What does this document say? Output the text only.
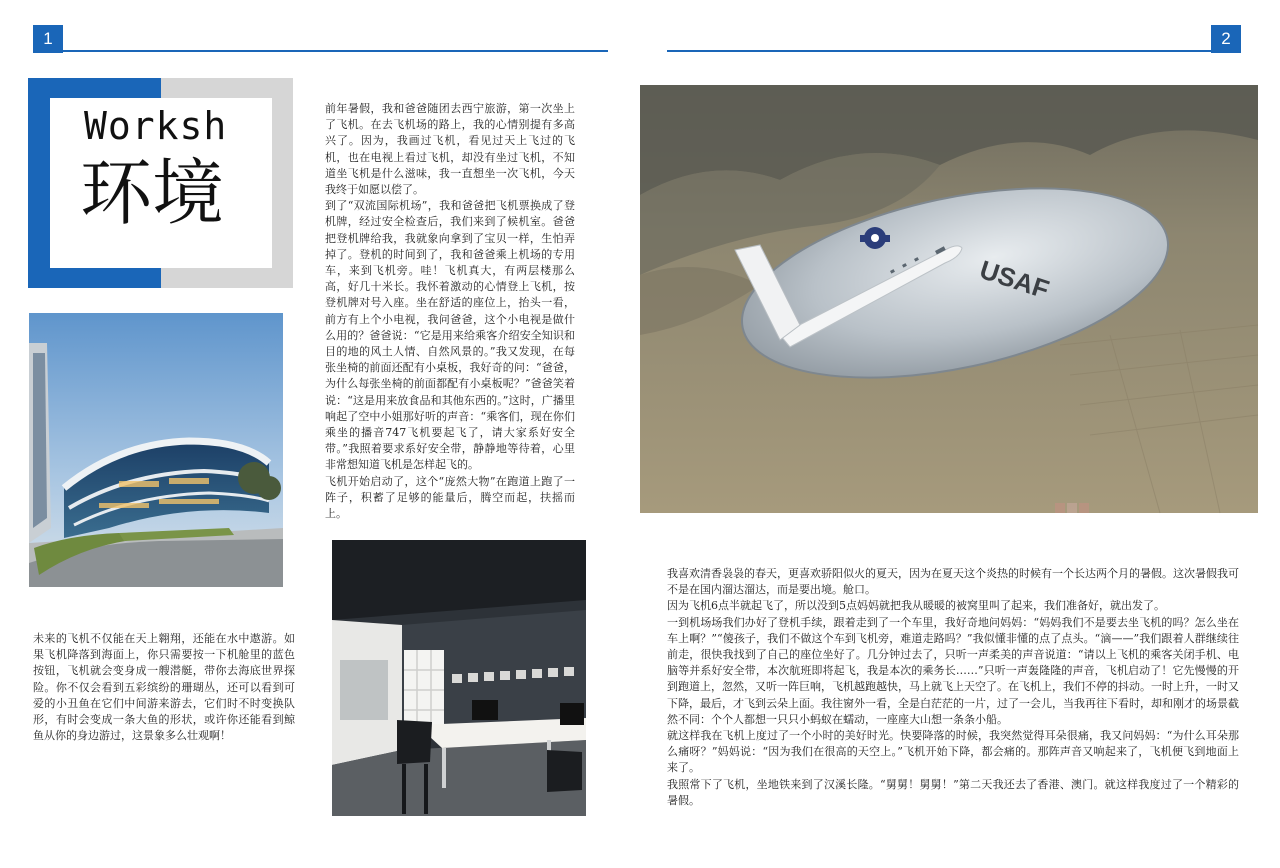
1	2
Worksh
环境

前年暑假，我和爸爸随团去西宁旅游，第一次坐上了飞机。在去飞机场的路上，我的心情别提有多高兴了。因为，我画过飞机，看见过天上飞过的飞机，也在电视上看过飞机，却没有坐过飞机，不知道坐飞机是什么滋味，我一直想坐一次飞机，今天我终于如愿以偿了。

到了“双流国际机场”，我和爸爸把飞机票换成了登机牌，经过安全检查后，我们来到了候机室。爸爸把登机牌给我，我就象向拿到了宝贝一样，生怕弄掉了。登机的时间到了，我和爸爸乘上机场的专用车，来到飞机旁。哇！飞机真大，有两层楼那么高，好几十米长。我怀着激动的心情登上飞机，按登机牌对号入座。坐在舒适的座位上，抬头一看，前方有上个小电视，我问爸爸，这个小电视是做什么用的？爸爸说：“它是用来给乘客介绍安全知识和目的地的风土人情、自然风景的。”我又发现，在每张坐椅的前面还配有小桌板，我好奇的问：“爸爸，为什么每张坐椅的前面都配有小桌板呢？”爸爸笑着说：“这是用来放食品和其他东西的。”这时，广播里响起了空中小姐那好听的声音：“乘客们，现在你们乘坐的播音747飞机要起飞了，请大家系好安全带。”我照着要求系好安全带，静静地等待着，心里非常想知道飞机是怎样起飞的。

飞机开始启动了，这个“庞然大物”在跑道上跑了一阵子，积蓄了足够的能量后，腾空而起，扶摇而上。

未来的飞机不仅能在天上翱翔，还能在水中遨游。如果飞机降落到海面上，你只需要按一下机舱里的蓝色按钮，飞机就会变身成一艘潜艇，带你去海底世界探险。你不仅会看到五彩缤纷的珊瑚丛，还可以看到可爱的小丑鱼在它们中间游来游去，它们时不时变换队形，有时会变成一条大鱼的形状，或许你还能看到鲸鱼从你的身边游过，这景象多么壮观啊！

USAF

我喜欢清香袅袅的春天，更喜欢骄阳似火的夏天，因为在夏天这个炎热的时候有一个长达两个月的暑假。这次暑假我可不是在国内溜达溜达，而是要出境。舱口。

因为飞机6点半就起飞了，所以没到5点妈妈就把我从暖暖的被窝里叫了起来，我们准备好，就出发了。

一到机场场我们办好了登机手续，跟着走到了一个车里，我好奇地问妈妈：“妈妈我们不是要去坐飞机的吗？怎么坐在车上啊？”“傻孩子，我们不做这个车到飞机旁，难道走路吗？”我似懂非懂的点了点头。“滴——”我们跟着人群继续往前走，很快我找到了自己的座位坐好了。几分钟过去了，只听一声柔美的声音说道：“请以上飞机的乘客关闭手机、电脑等并系好安全带，本次航班即将起飞，我是本次的乘务长……”只听一声轰隆隆的声音，飞机启动了！它先慢慢的开到跑道上，忽然，又听一阵巨响，飞机越跑越快，马上就飞上天空了。在飞机上，我们不停的抖动。一时上升，一时又下降，最后，才飞到云朵上面。我往窗外一看，全是白茫茫的一片，过了一会儿，当我再往下看时，却和刚才的场景截然不同：个个人都想一只只小蚂蚁在蠕动，一座座大山想一条条小船。

就这样我在飞机上度过了一个小时的美好时光。快要降落的时候，我突然觉得耳朵很痛，我又问妈妈：“为什么耳朵那么痛呀？”妈妈说：“因为我们在很高的天空上。”飞机开始下降，都会痛的。那阵声音又响起来了，飞机便飞到地面上来了。

我照常下了飞机，坐地铁来到了汉溪长隆。“舅舅！舅舅！”第二天我还去了香港、澳门。就这样我度过了一个精彩的暑假。
